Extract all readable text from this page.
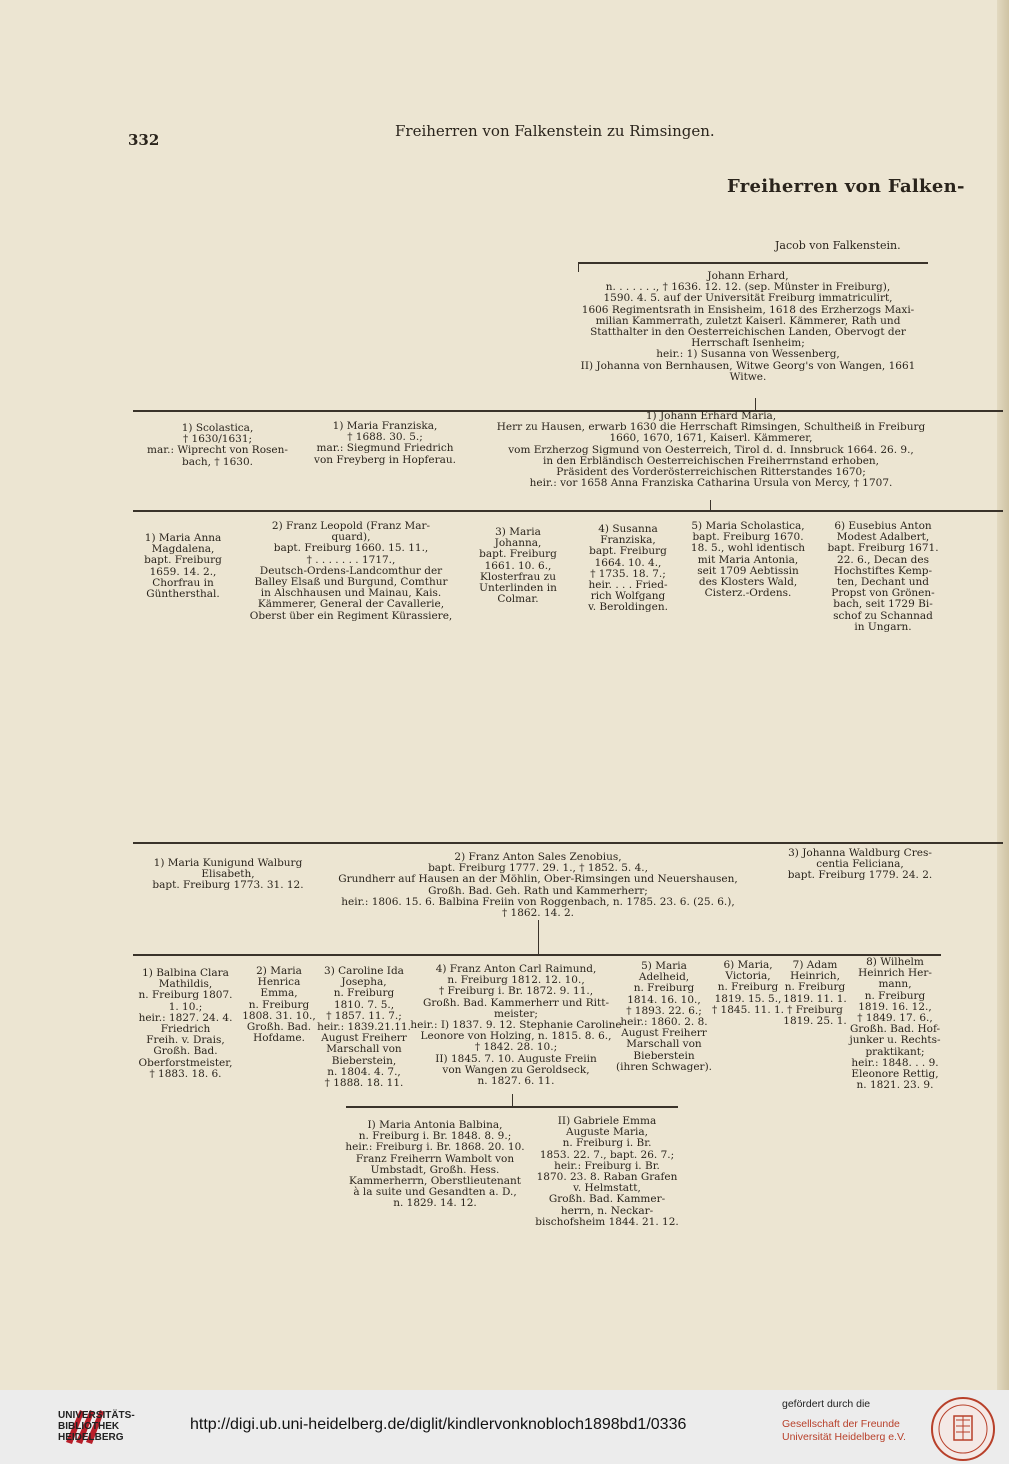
332	Freiherren von Falkenstein zu Rimsingen.
Freiherren von Falken-
Jacob von Falkenstein.
Johann Erhard,
n. . . . . . ., † 1636. 12. 12. (sep. Münster in Freiburg),
1590. 4. 5. auf der Universität Freiburg immatriculirt,
1606 Regimentsrath in Ensisheim, 1618 des Erzherzogs Maxi-
milian Kammerrath, zuletzt Kaiserl. Kämmerer, Rath und
Statthalter in den Oesterreichischen Landen, Obervogt der
Herrschaft Isenheim;
heir.: 1) Susanna von Wessenberg,
II) Johanna von Bernhausen, Witwe Georg's von Wangen, 1661
Witwe.
1) Scolastica,
† 1630/1631;
mar.: Wiprecht von Rosen-
bach, † 1630.
1) Maria Franziska,
† 1688. 30. 5.;
mar.: Siegmund Friedrich
von Freyberg in Hopferau.
1) Johann Erhard Maria,
Herr zu Hausen, erwarb 1630 die Herrschaft Rimsingen, Schultheiß in Freiburg
1660, 1670, 1671, Kaiserl. Kämmerer,
vom Erzherzog Sigmund von Oesterreich, Tirol d. d. Innsbruck 1664. 26. 9.,
in den Erbländisch Oesterreichischen Freiherrnstand erhoben,
Präsident des Vorderösterreichischen Ritterstandes 1670;
heir.: vor 1658 Anna Franziska Catharina Ursula von Mercy, † 1707.
1) Maria Anna
Magdalena,
bapt. Freiburg
1659. 14. 2.,
Chorfrau in
Günthersthal.
2) Franz Leopold (Franz Mar-
quard),
bapt. Freiburg 1660. 15. 11.,
† . . . . . . . 1717.,
Deutsch-Ordens-Landcomthur der
Balley Elsaß und Burgund, Comthur
in Alschhausen und Mainau, Kais.
Kämmerer, General der Cavallerie,
Oberst über ein Regiment Kürassiere,
3) Maria
Johanna,
bapt. Freiburg
1661. 10. 6.,
Klosterfrau zu
Unterlinden in
Colmar.
4) Susanna
Franziska,
bapt. Freiburg
1664. 10. 4.,
† 1735. 18. 7.;
heir. . . . Fried-
rich Wolfgang
v. Beroldingen.
5) Maria Scholastica,
bapt. Freiburg 1670.
18. 5., wohl identisch
mit Maria Antonia,
seit 1709 Aebtissin
des Klosters Wald,
Cisterz.-Ordens.
6) Eusebius Anton
Modest Adalbert,
bapt. Freiburg 1671.
22. 6., Decan des
Hochstiftes Kemp-
ten, Dechant und
Propst von Grönen-
bach, seit 1729 Bi-
schof zu Schannad
in Ungarn.
1) Maria Kunigund Walburg
Elisabeth,
bapt. Freiburg 1773. 31. 12.
2) Franz Anton Sales Zenobius,
bapt. Freiburg 1777. 29. 1., † 1852. 5. 4.,
Grundherr auf Hausen an der Möhlin, Ober-Rimsingen und Neuershausen,
Großh. Bad. Geh. Rath und Kammerherr;
heir.: 1806. 15. 6. Balbina Freiin von Roggenbach, n. 1785. 23. 6. (25. 6.),
† 1862. 14. 2.
3) Johanna Waldburg Cres-
centia Feliciana,
bapt. Freiburg 1779. 24. 2.
1) Balbina Clara
Mathildis,
n. Freiburg 1807.
1. 10.;
heir.: 1827. 24. 4.
Friedrich
Freih. v. Drais,
Großh. Bad.
Oberforstmeister,
† 1883. 18. 6.
2) Maria
Henrica
Emma,
n. Freiburg
1808. 31. 10.,
Großh. Bad.
Hofdame.
3) Caroline Ida
Josepha,
n. Freiburg
1810. 7. 5.,
† 1857. 11. 7.;
heir.: 1839.21.11.
August Freiherr
Marschall von
Bieberstein,
n. 1804. 4. 7.,
† 1888. 18. 11.
4) Franz Anton Carl Raimund,
n. Freiburg 1812. 12. 10.,
† Freiburg i. Br. 1872. 9. 11.,
Großh. Bad. Kammerherr und Ritt-
meister;
heir.: I) 1837. 9. 12. Stephanie Caroline
Leonore von Holzing, n. 1815. 8. 6.,
† 1842. 28. 10.;
II) 1845. 7. 10. Auguste Freiin
von Wangen zu Geroldseck,
n. 1827. 6. 11.
5) Maria
Adelheid,
n. Freiburg
1814. 16. 10.,
† 1893. 22. 6.;
heir.: 1860. 2. 8.
August Freiherr
Marschall von
Bieberstein
(ihren Schwager).
6) Maria,
Victoria,
n. Freiburg
1819. 15. 5.,
† 1845. 11. 1.
7) Adam
Heinrich,
n. Freiburg
1819. 11. 1.
† Freiburg
1819. 25. 1.
8) Wilhelm
Heinrich Her-
mann,
n. Freiburg
1819. 16. 12.,
† 1849. 17. 6.,
Großh. Bad. Hof-
junker u. Rechts-
praktikant;
heir.: 1848. . . 9.
Eleonore Rettig,
n. 1821. 23. 9.
I) Maria Antonia Balbina,
n. Freiburg i. Br. 1848. 8. 9.;
heir.: Freiburg i. Br. 1868. 20. 10.
Franz Freiherrn Wambolt von
Umbstadt, Großh. Hess.
Kammerherrn, Oberstlieutenant
à la suite und Gesandten a. D.,
n. 1829. 14. 12.
II) Gabriele Emma
Auguste Maria,
n. Freiburg i. Br.
1853. 22. 7., bapt. 26. 7.;
heir.: Freiburg i. Br.
1870. 23. 8. Raban Grafen
v. Helmstatt,
Großh. Bad. Kammer-
herrn, n. Neckar-
bischofsheim 1844. 21. 12.
UNIVERSITÄTS-
BIBLIOTHEK
HEIDELBERG
http://digi.ub.uni-heidelberg.de/diglit/kindlervonknobloch1898bd1/0336
gefördert durch die
Gesellschaft der Freunde
Universität Heidelberg e.V.
